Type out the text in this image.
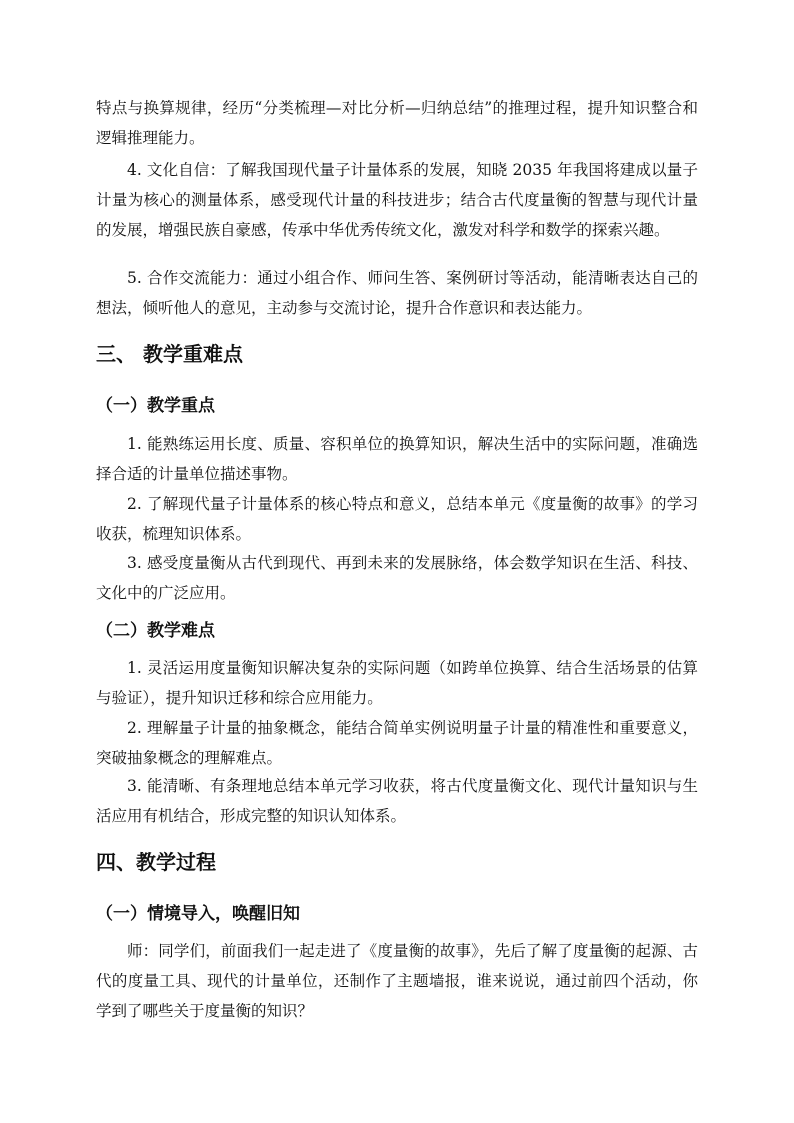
特点与换算规律，经历“分类梳理—对比分析—归纳总结”的推理过程，提升知识整合和逻辑推理能力。

4. 文化自信：了解我国现代量子计量体系的发展，知晓 2035 年我国将建成以量子计量为核心的测量体系，感受现代计量的科技进步；结合古代度量衡的智慧与现代计量的发展，增强民族自豪感，传承中华优秀传统文化，激发对科学和数学的探索兴趣。

5. 合作交流能力：通过小组合作、师问生答、案例研讨等活动，能清晰表达自己的想法，倾听他人的意见，主动参与交流讨论，提升合作意识和表达能力。

三、 教学重难点
（一）教学重点

1. 能熟练运用长度、质量、容积单位的换算知识，解决生活中的实际问题，准确选择合适的计量单位描述事物。

2. 了解现代量子计量体系的核心特点和意义，总结本单元《度量衡的故事》的学习收获，梳理知识体系。

3. 感受度量衡从古代到现代、再到未来的发展脉络，体会数学知识在生活、科技、文化中的广泛应用。

（二）教学难点

1. 灵活运用度量衡知识解决复杂的实际问题（如跨单位换算、结合生活场景的估算与验证），提升知识迁移和综合应用能力。

2. 理解量子计量的抽象概念，能结合简单实例说明量子计量的精准性和重要意义，突破抽象概念的理解难点。

3. 能清晰、有条理地总结本单元学习收获，将古代度量衡文化、现代计量知识与生活应用有机结合，形成完整的知识认知体系。

四、教学过程
（一）情境导入，唤醒旧知

师：同学们，前面我们一起走进了《度量衡的故事》，先后了解了度量衡的起源、古代的度量工具、现代的计量单位，还制作了主题墙报，谁来说说，通过前四个活动，你学到了哪些关于度量衡的知识？
